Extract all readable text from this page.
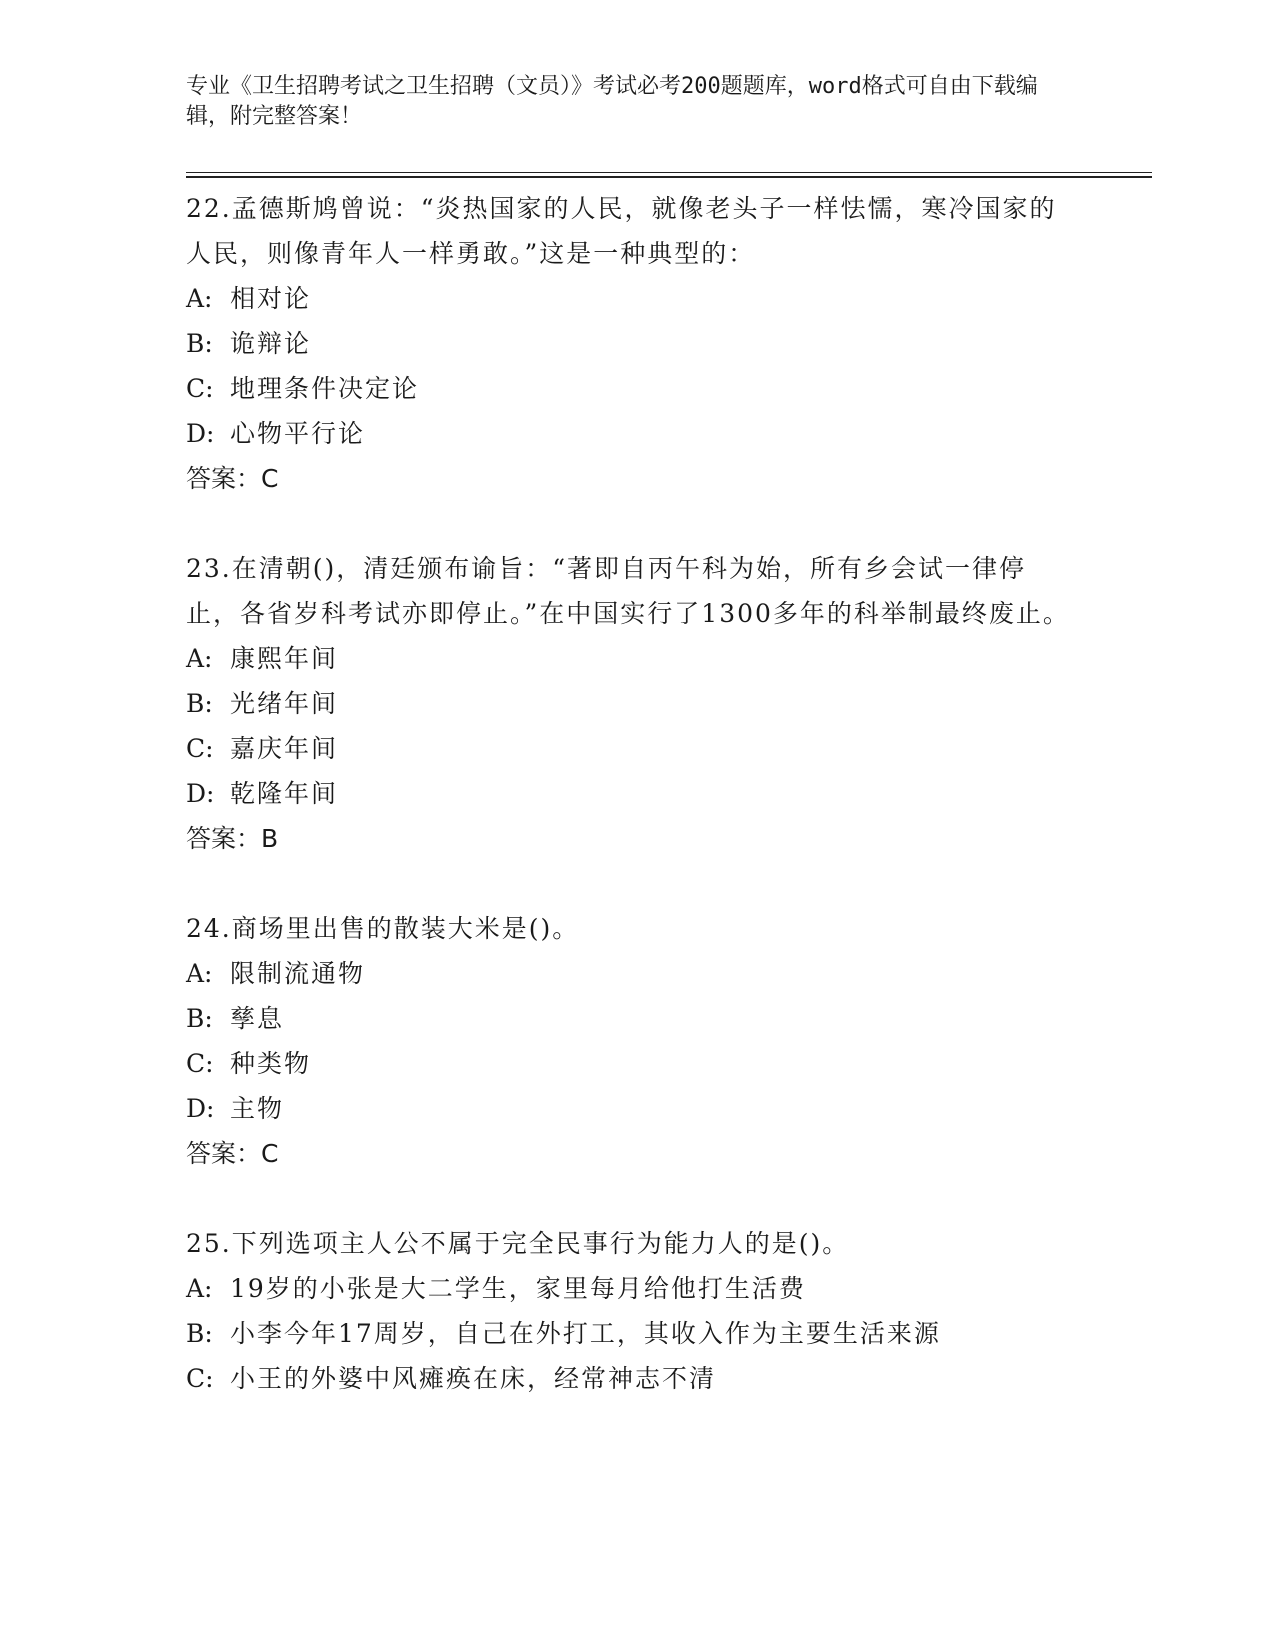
专业《卫生招聘考试之卫生招聘（文员）》考试必考200题题库，word格式可自由下载编辑，附完整答案！
22.孟德斯鸠曾说：“炎热国家的人民，就像老头子一样怯懦，寒冷国家的人民，则像青年人一样勇敢。”这是一种典型的：
A: 相对论
B: 诡辩论
C: 地理条件决定论
D: 心物平行论
答案：C
23.在清朝()，清廷颁布谕旨：“著即自丙午科为始，所有乡会试一律停止，各省岁科考试亦即停止。”在中国实行了1300多年的科举制最终废止。
A: 康熙年间
B: 光绪年间
C: 嘉庆年间
D: 乾隆年间
答案：B
24.商场里出售的散装大米是()。
A: 限制流通物
B: 孳息
C: 种类物
D: 主物
答案：C
25.下列选项主人公不属于完全民事行为能力人的是()。
A: 19岁的小张是大二学生，家里每月给他打生活费
B: 小李今年17周岁，自己在外打工，其收入作为主要生活来源
C: 小王的外婆中风瘫痪在床，经常神志不清
